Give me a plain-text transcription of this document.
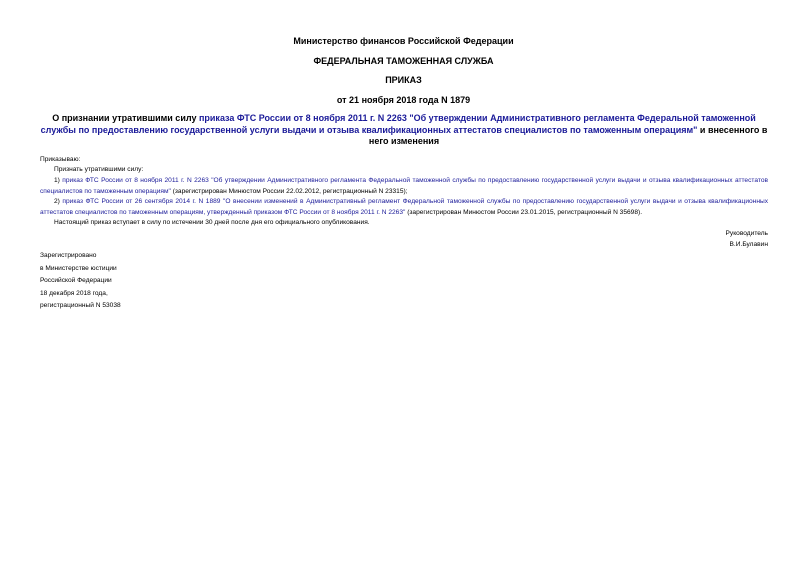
Министерство финансов Российской Федерации
ФЕДЕРАЛЬНАЯ ТАМОЖЕННАЯ СЛУЖБА
ПРИКАЗ
от 21 ноября 2018 года N 1879
О признании утратившими силу приказа ФТС России от 8 ноября 2011 г. N 2263 "Об утверждении Административного регламента Федеральной таможенной службы по предоставлению государственной услуги выдачи и отзыва квалификационных аттестатов специалистов по таможенным операциям" и внесенного в него изменения
Приказываю:
Признать утратившими силу:
1) приказ ФТС России от 8 ноября 2011 г. N 2263 "Об утверждении Административного регламента Федеральной таможенной службы по предоставлению государственной услуги выдачи и отзыва квалификационных аттестатов специалистов по таможенным операциям" (зарегистрирован Минюстом России 22.02.2012, регистрационный N 23315);
2) приказ ФТС России от 26 сентября 2014 г. N 1889 "О внесении изменений в Административный регламент Федеральной таможенной службы по предоставлению государственной услуги выдачи и отзыва квалификационных аттестатов специалистов по таможенным операциям, утвержденный приказом ФТС России от 8 ноября 2011 г. N 2263" (зарегистрирован Минюстом России 23.01.2015, регистрационный N 35698).
Настоящий приказ вступает в силу по истечении 30 дней после дня его официального опубликования.
Руководитель
В.И.Булавин
Зарегистрировано
в Министерстве юстиции
Российской Федерации
18 декабря 2018 года,
регистрационный N 53038
